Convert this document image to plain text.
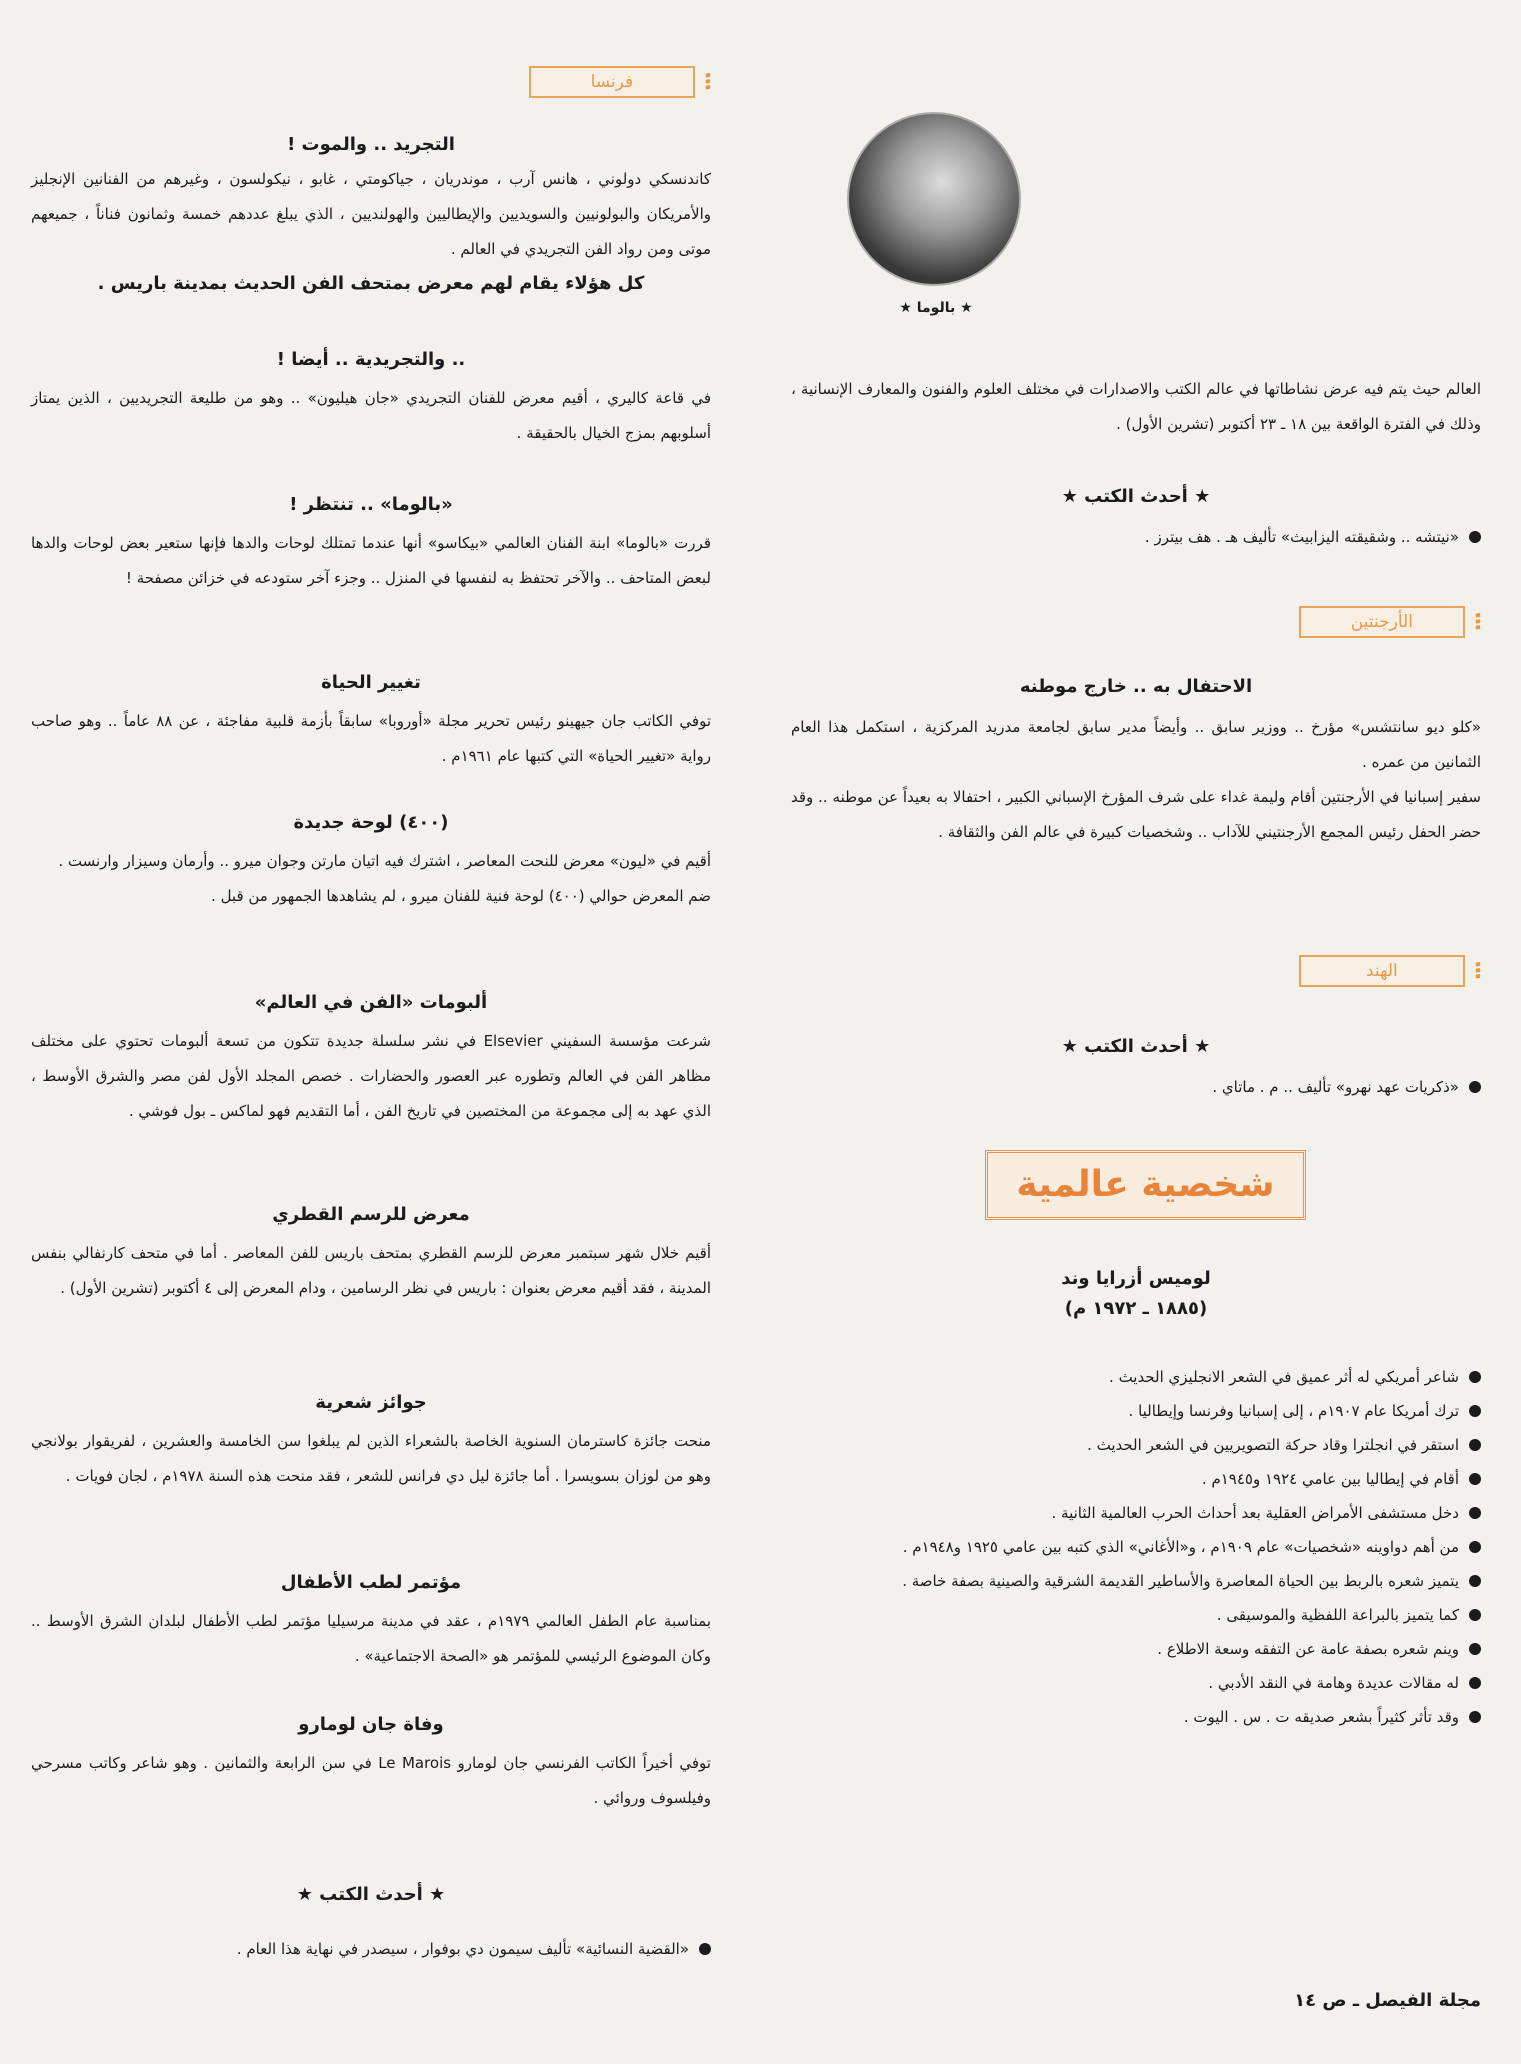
★ بالوما ★

العالم حيث يتم فيه عرض نشاطاتها في عالم الكتب والاصدارات في مختلف العلوم والفنون والمعارف الإنسانية ، وذلك في الفترة الواقعة بين ١٨ ـ ٢٣ أكتوبر (تشرين الأول) .

★ أحدث الكتب ★

«نيتشه .. وشقيقته اليزابيث» تأليف هـ . هف بيترز .

፧
الأرجنتين
الاحتفال به .. خارج موطنه

«كلو ديو سانتشس» مؤرخ .. ووزير سابق .. وأيضاً مدير سابق لجامعة مدريد المركزية ، استكمل هذا العام الثمانين من عمره .

سفير إسبانيا في الأرجنتين أقام وليمة غداء على شرف المؤرخ الإسباني الكبير ، احتفالا به بعيداً عن موطنه .. وقد حضر الحفل رئيس المجمع الأرجنتيني للآداب .. وشخصيات كبيرة في عالم الفن والثقافة .

፧
الهند
★ أحدث الكتب ★

«ذكريات عهد نهرو» تأليف .. م . ماتاي .

شخصية عالمية
لوميس أزرايا وند
(١٨٨٥ ـ ١٩٧٢ م)
شاعر أمريكي له أثر عميق في الشعر الانجليزي الحديث .
ترك أمريكا عام ١٩٠٧م ، إلى إسبانيا وفرنسا وإيطاليا .
استقر في انجلترا وقاد حركة التصويريين في الشعر الحديث .
أقام في إيطاليا بين عامي ١٩٢٤ و١٩٤٥م .
دخل مستشفى الأمراض العقلية بعد أحداث الحرب العالمية الثانية .
من أهم دواوينه «شخصيات» عام ١٩٠٩م ، و«الأغاني» الذي كتبه بين عامي ١٩٢٥ و١٩٤٨م .
يتميز شعره بالربط بين الحياة المعاصرة والأساطير القديمة الشرقية والصينية بصفة خاصة .
كما يتميز بالبراعة اللفظية والموسيقى .
وينم شعره بصفة عامة عن التفقه وسعة الاطلاع .
له مقالات عديدة وهامة في النقد الأدبي .
وقد تأثر كثيراً بشعر صديقه ت . س . اليوت .
مجلة الفيصل ـ ص ١٤
፧
فرنسا
التجريد .. والموت !

كاندنسكي دولوني ، هانس آرب ، موندريان ، جياكومتي ، غابو ، نيكولسون ، وغيرهم من الفنانين الإنجليز والأمريكان والبولونيين والسويديين والإيطاليين والهولنديين ، الذي يبلغ عددهم خمسة وثمانون فناناً ، جميعهم موتى ومن رواد الفن التجريدي في العالم .

كل هؤلاء يقام لهم معرض بمتحف الفن الحديث بمدينة باريس .
.. والتجريدية .. أيضا !

في قاعة كاليري ، أقيم معرض للفنان التجريدي «جان هيليون» .. وهو من طليعة التجريديين ، الذين يمتاز أسلوبهم بمزج الخيال بالحقيقة .

«بالوما» .. تنتظر !

قررت «بالوما» ابنة الفنان العالمي «بيكاسو» أنها عندما تمتلك لوحات والدها فإنها ستعير بعض لوحات والدها لبعض المتاحف .. والآخر تحتفظ به لنفسها في المنزل .. وجزء آخر ستودعه في خزائن مصفحة !

تغيير الحياة

توفي الكاتب جان جيهينو رئيس تحرير مجلة «أوروبا» سابقاً بأزمة قلبية مفاجئة ، عن ٨٨ عاماً .. وهو صاحب رواية «تغيير الحياة» التي كتبها عام ١٩٦١م .

(٤٠٠) لوحة جديدة

أقيم في «ليون» معرض للنحت المعاصر ، اشترك فيه اتيان مارتن وجوان ميرو .. وأرمان وسيزار وارنست .

ضم المعرض حوالي (٤٠٠) لوحة فنية للفنان ميرو ، لم يشاهدها الجمهور من قبل .

ألبومات «الفن في العالم»

شرعت مؤسسة السفيني Elsevier في نشر سلسلة جديدة تتكون من تسعة ألبومات تحتوي على مختلف مظاهر الفن في العالم وتطوره عبر العصور والحضارات . خصص المجلد الأول لفن مصر والشرق الأوسط ، الذي عهد به إلى مجموعة من المختصين في تاريخ الفن ، أما التقديم فهو لماكس ـ بول فوشي .

معرض للرسم القطري

أقيم خلال شهر سبتمبر معرض للرسم القطري بمتحف باريس للفن المعاصر . أما في متحف كارنفالي بنفس المدينة ، فقد أقيم معرض بعنوان : باريس في نظر الرسامين ، ودام المعرض إلى ٤ أكتوبر (تشرين الأول) .

جوائز شعرية

منحت جائزة كاسترمان السنوية الخاصة بالشعراء الذين لم يبلغوا سن الخامسة والعشرين ، لفريقوار بولانجي وهو من لوزان بسويسرا . أما جائزة ليل دي فرانس للشعر ، فقد منحت هذه السنة ١٩٧٨م ، لجان فويات .

مؤتمر لطب الأطفال

بمناسبة عام الطفل العالمي ١٩٧٩م ، عقد في مدينة مرسيليا مؤتمر لطب الأطفال لبلدان الشرق الأوسط .. وكان الموضوع الرئيسي للمؤتمر هو «الصحة الاجتماعية» .

وفاة جان لومارو

توفي أخيراً الكاتب الفرنسي جان لومارو Le Marois في سن الرابعة والثمانين . وهو شاعر وكاتب مسرحي وفيلسوف وروائي .

★ أحدث الكتب ★

«القضية النسائية» تأليف سيمون دي بوفوار ، سيصدر في نهاية هذا العام .
